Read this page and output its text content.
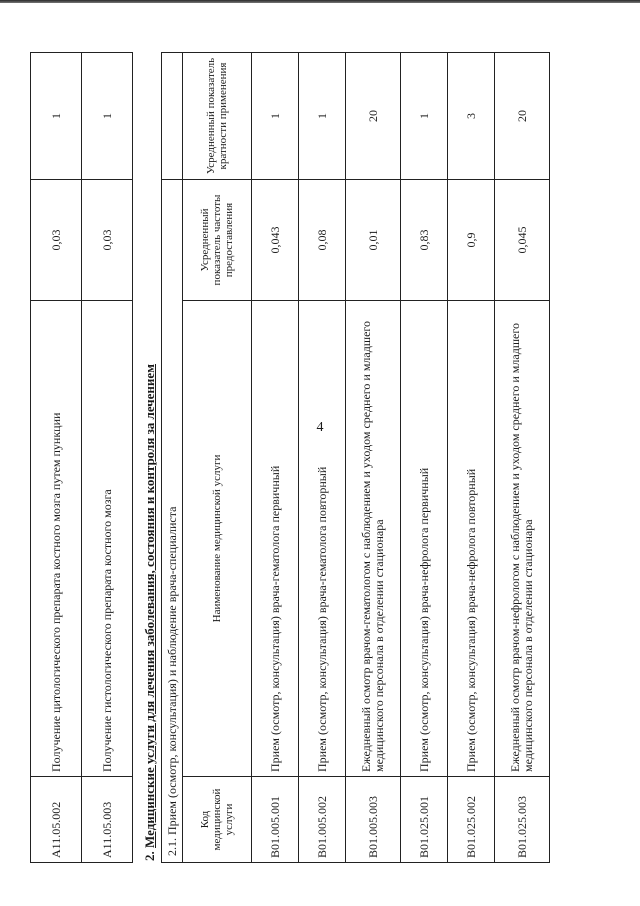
4
A11.05.002	Получение цитологического препарата костного мозга путем пункции	0,03	1
A11.05.003	Получение гистологического препарата костного мозга	0,03	1
2. Медицинские услуги для лечения заболевания, состояния и контроля за лечением 2.1. Прием (осмотр, консультация) и наблюдение врача-специалиста			
Код медицинской услуги	Наименование медицинской услуги	Усредненный показатель частоты предоставления	Усредненный показатель кратности применения
B01.005.001	Прием (осмотр, консультация) врача-гематолога первичный	0,043	1
B01.005.002	Прием (осмотр, консультация) врача-гематолога повторный	0,08	1
B01.005.003	Ежедневный осмотр врачом-гематологом с наблюдением и уходом среднего и младшего медицинского персонала в отделении стационара	0,01	20
B01.025.001	Прием (осмотр, консультация) врача-нефролога первичный	0,83	1
B01.025.002	Прием (осмотр, консультация) врача-нефролога повторный	0,9	3
B01.025.003	Ежедневный осмотр врачом-нефрологом с наблюдением и уходом среднего и младшего медицинского персонала в отделении стационара	0,045	20
